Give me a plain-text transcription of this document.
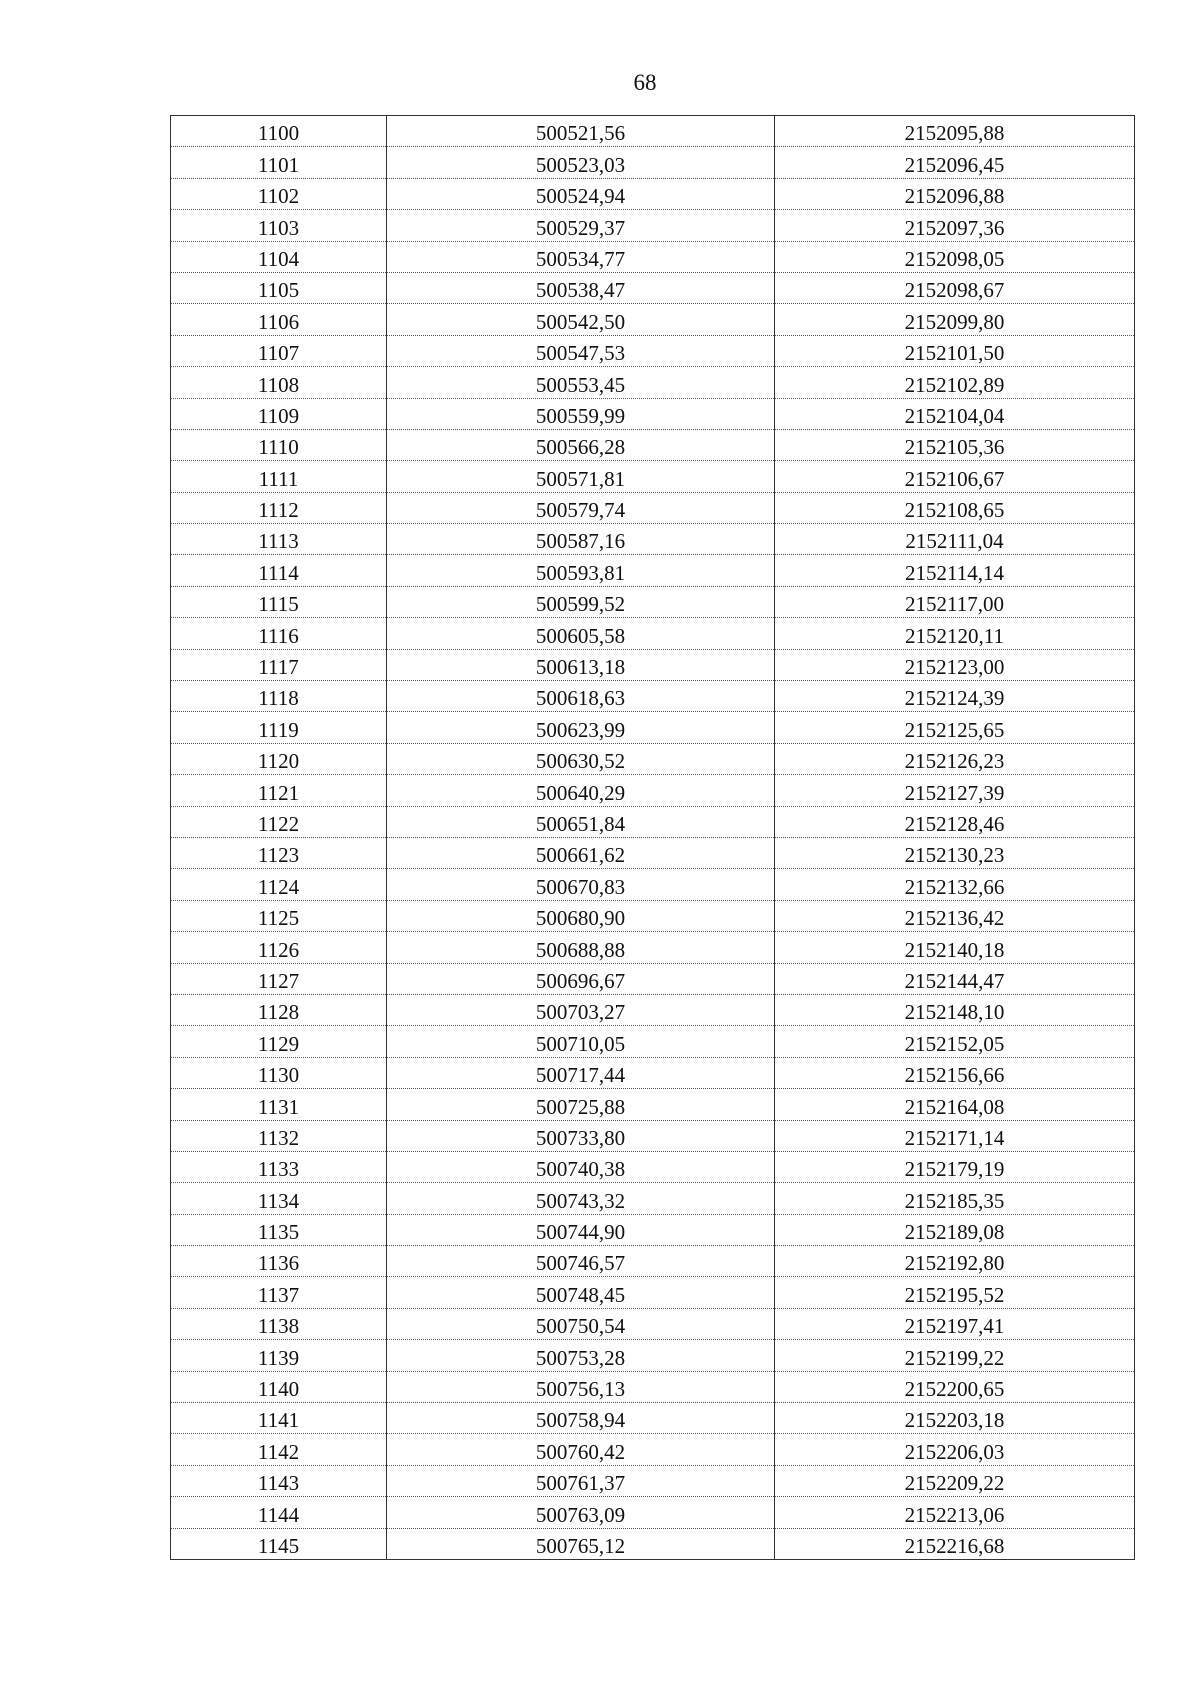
68
1100	500521,56	2152095,88
1101	500523,03	2152096,45
1102	500524,94	2152096,88
1103	500529,37	2152097,36
1104	500534,77	2152098,05
1105	500538,47	2152098,67
1106	500542,50	2152099,80
1107	500547,53	2152101,50
1108	500553,45	2152102,89
1109	500559,99	2152104,04
1110	500566,28	2152105,36
1111	500571,81	2152106,67
1112	500579,74	2152108,65
1113	500587,16	2152111,04
1114	500593,81	2152114,14
1115	500599,52	2152117,00
1116	500605,58	2152120,11
1117	500613,18	2152123,00
1118	500618,63	2152124,39
1119	500623,99	2152125,65
1120	500630,52	2152126,23
1121	500640,29	2152127,39
1122	500651,84	2152128,46
1123	500661,62	2152130,23
1124	500670,83	2152132,66
1125	500680,90	2152136,42
1126	500688,88	2152140,18
1127	500696,67	2152144,47
1128	500703,27	2152148,10
1129	500710,05	2152152,05
1130	500717,44	2152156,66
1131	500725,88	2152164,08
1132	500733,80	2152171,14
1133	500740,38	2152179,19
1134	500743,32	2152185,35
1135	500744,90	2152189,08
1136	500746,57	2152192,80
1137	500748,45	2152195,52
1138	500750,54	2152197,41
1139	500753,28	2152199,22
1140	500756,13	2152200,65
1141	500758,94	2152203,18
1142	500760,42	2152206,03
1143	500761,37	2152209,22
1144	500763,09	2152213,06
1145	500765,12	2152216,68
